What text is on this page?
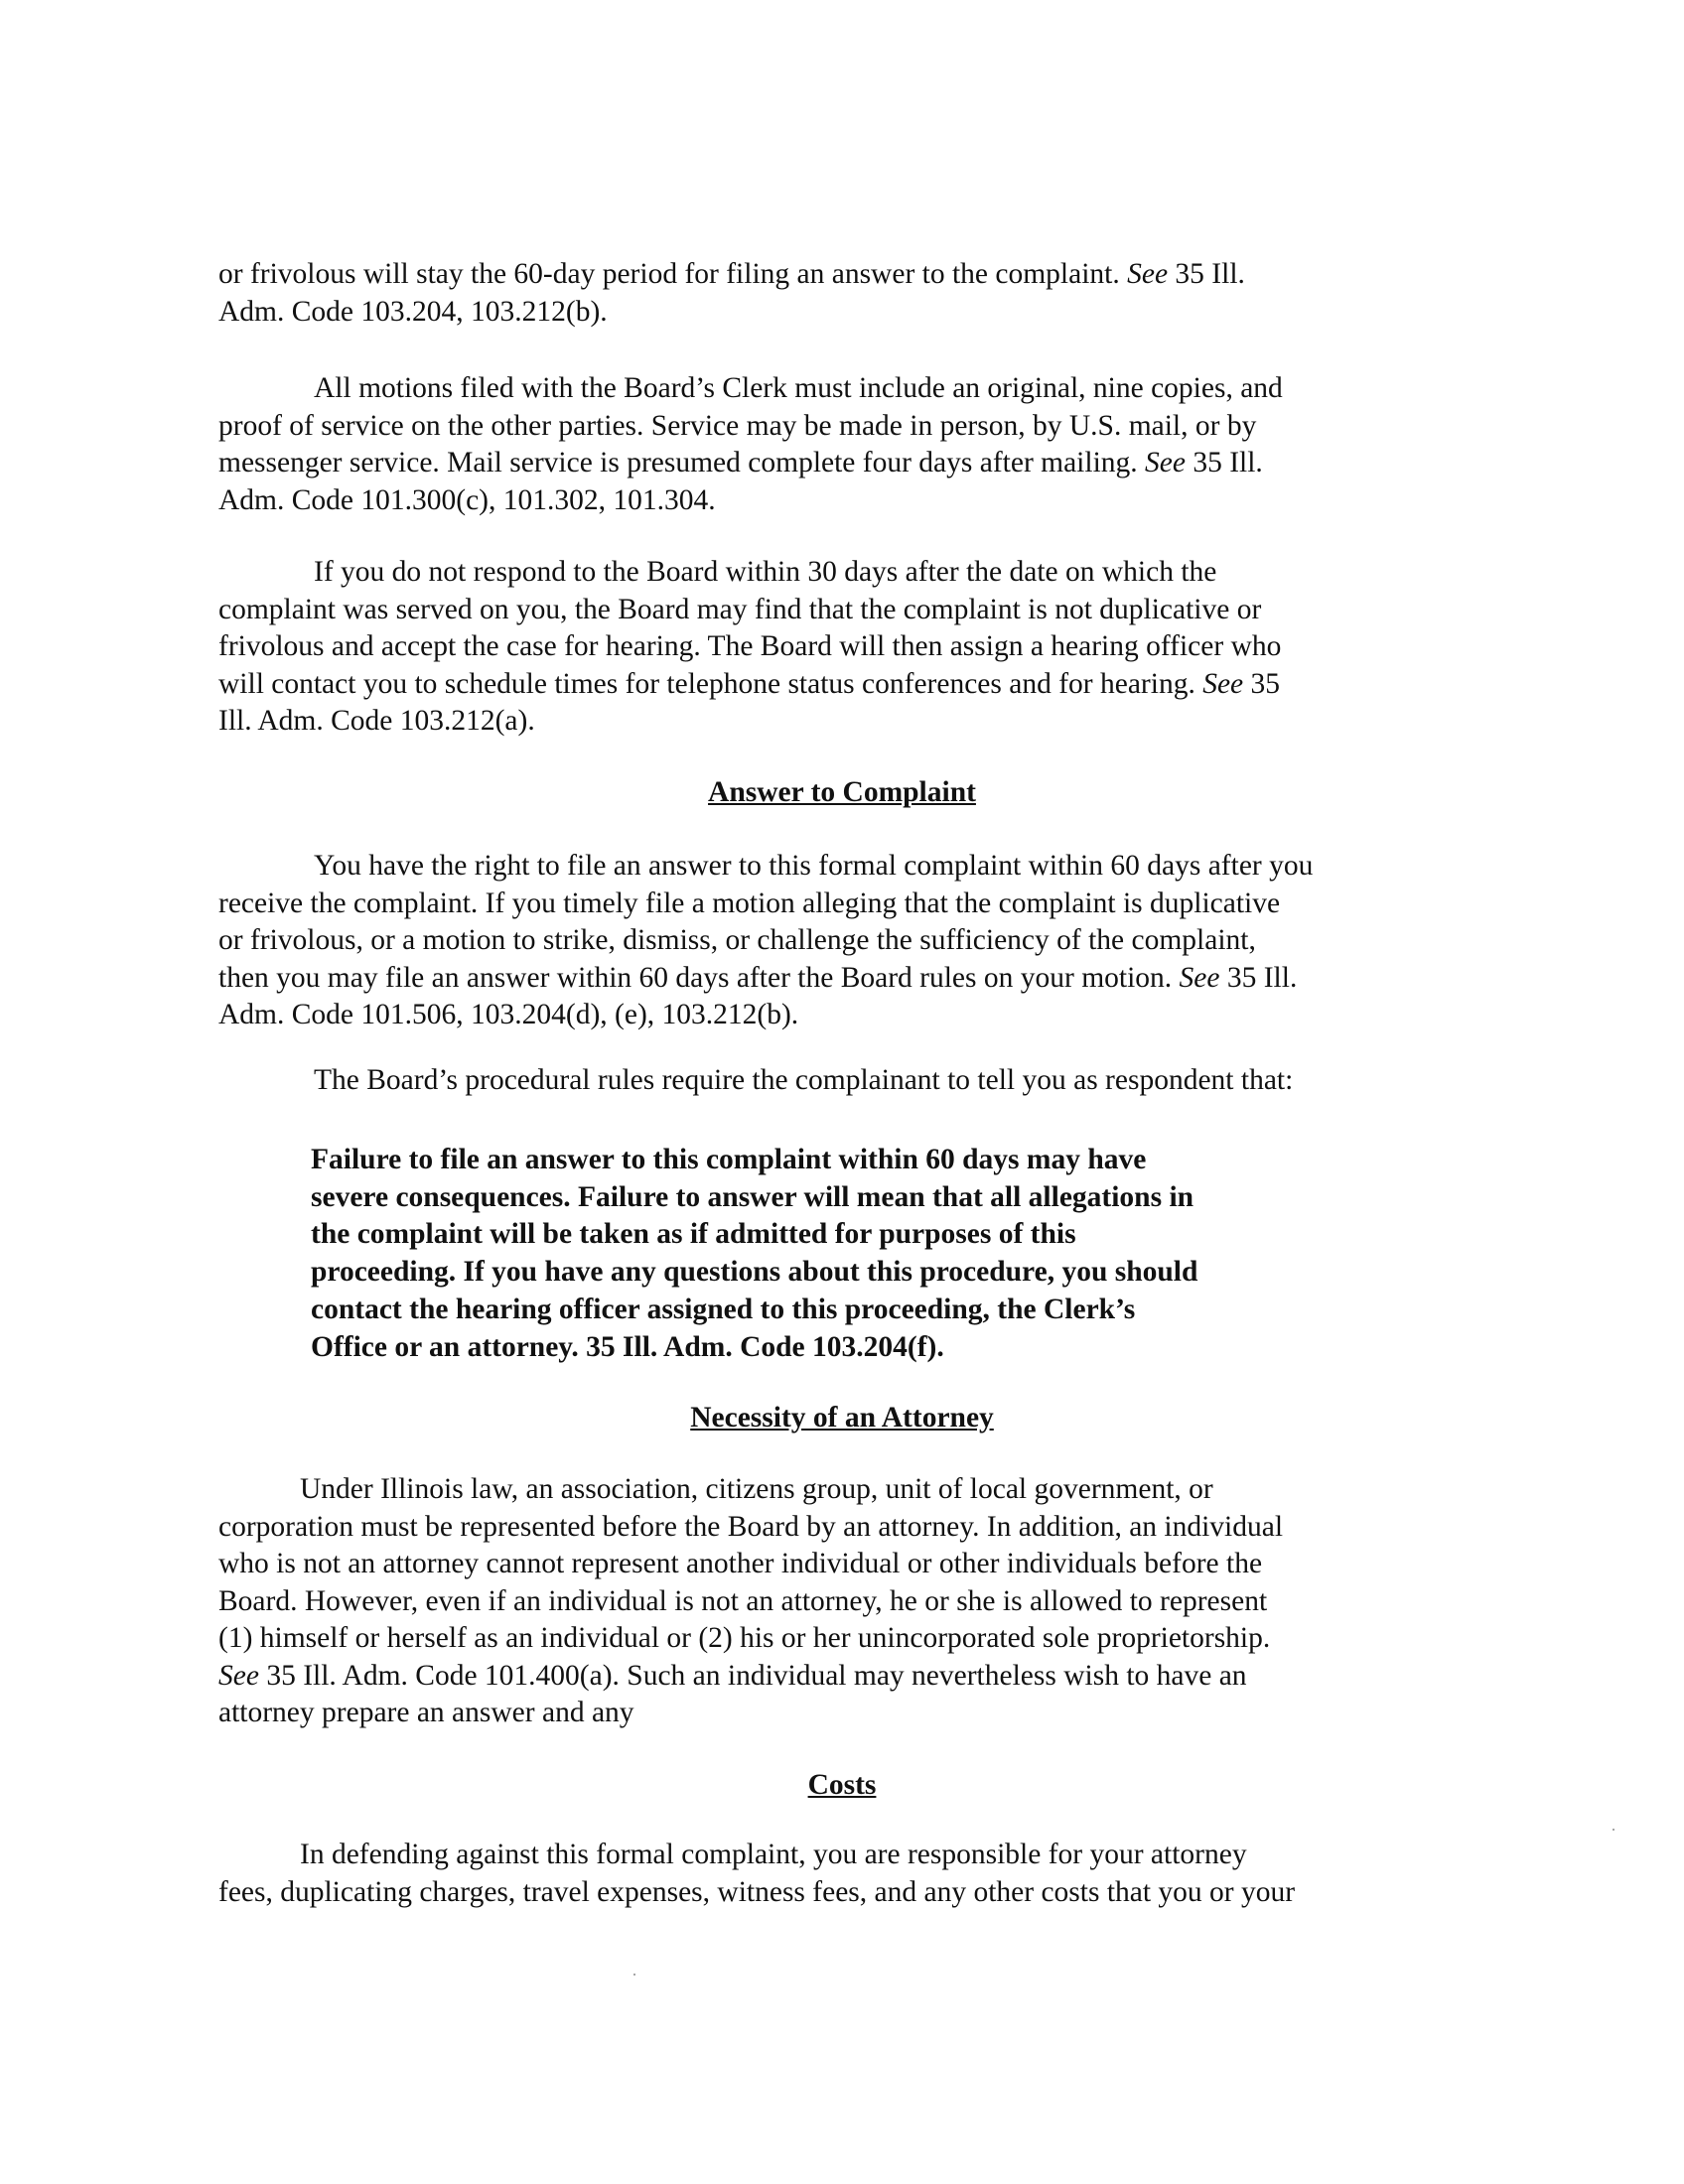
or frivolous will stay the 60-day period for filing an answer to the complaint. See 35 Ill.
Adm. Code 103.204, 103.212(b).

All motions filed with the Board’s Clerk must include an original, nine copies, and
proof of service on the other parties. Service may be made in person, by U.S. mail, or by
messenger service. Mail service is presumed complete four days after mailing. See 35 Ill.
Adm. Code 101.300(c), 101.302, 101.304.

If you do not respond to the Board within 30 days after the date on which the
complaint was served on you, the Board may find that the complaint is not duplicative or
frivolous and accept the case for hearing. The Board will then assign a hearing officer who
will contact you to schedule times for telephone status conferences and for hearing. See 35
Ill. Adm. Code 103.212(a).

Answer to Complaint

You have the right to file an answer to this formal complaint within 60 days after you
receive the complaint. If you timely file a motion alleging that the complaint is duplicative
or frivolous, or a motion to strike, dismiss, or challenge the sufficiency of the complaint,
then you may file an answer within 60 days after the Board rules on your motion. See 35 Ill.
Adm. Code 101.506, 103.204(d), (e), 103.212(b).

The Board’s procedural rules require the complainant to tell you as respondent that:

Failure to file an answer to this complaint within 60 days may have
severe consequences. Failure to answer will mean that all allegations in
the complaint will be taken as if admitted for purposes of this
proceeding. If you have any questions about this procedure, you should
contact the hearing officer assigned to this proceeding, the Clerk’s
Office or an attorney. 35 Ill. Adm. Code 103.204(f).

Necessity of an Attorney

Under Illinois law, an association, citizens group, unit of local government, or
corporation must be represented before the Board by an attorney. In addition, an individual
who is not an attorney cannot represent another individual or other individuals before the
Board. However, even if an individual is not an attorney, he or she is allowed to represent
(1) himself or herself as an individual or (2) his or her unincorporated sole proprietorship.
See 35 Ill. Adm. Code 101.400(a). Such an individual may nevertheless wish to have an
attorney prepare an answer and any

Costs

In defending against this formal complaint, you are responsible for your attorney
fees, duplicating charges, travel expenses, witness fees, and any other costs that you or your
